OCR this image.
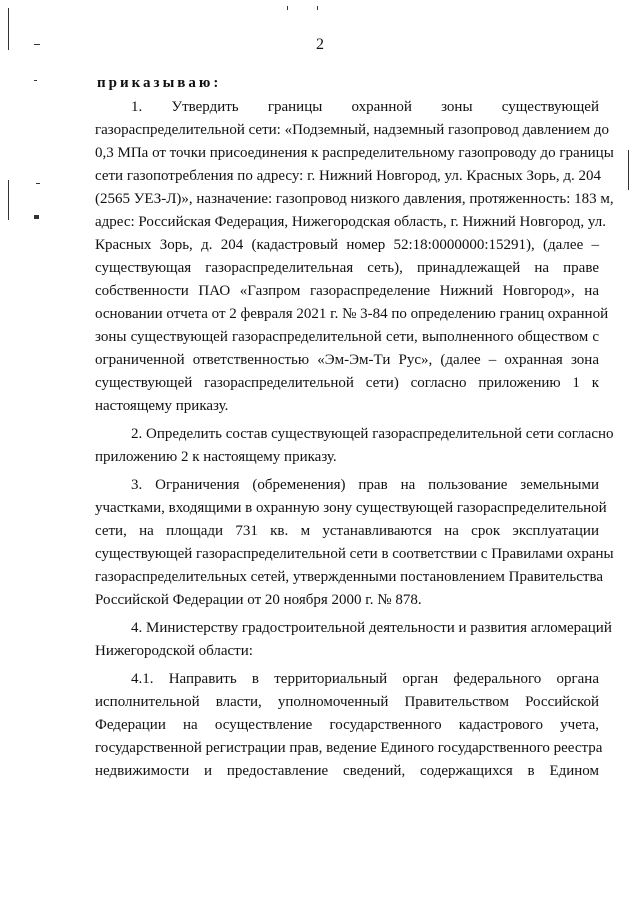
2
приказываю:
1. Утвердить границы охранной зоны существующей
газораспределительной сети: «Подземный, надземный газопровод давлением до
0,3 МПа от точки присоединения к распределительному газопроводу до границы
сети газопотребления по адресу: г. Нижний Новгород, ул. Красных Зорь, д. 204
(2565 УЕЗ-Л)», назначение: газопровод низкого давления, протяженность: 183 м,
адрес: Российская Федерация, Нижегородская область, г. Нижний Новгород, ул.
Красных Зорь, д. 204 (кадастровый номер 52:18:0000000:15291), (далее –
существующая газораспределительная сеть), принадлежащей на праве
собственности ПАО «Газпром газораспределение Нижний Новгород», на
основании отчета от 2 февраля 2021 г. № 3-84 по определению границ охранной
зоны существующей газораспределительной сети, выполненного обществом с
ограниченной ответственностью «Эм-Эм-Ти Рус», (далее – охранная зона
существующей газораспределительной сети) согласно приложению 1 к
настоящему приказу.
2. Определить состав существующей газораспределительной сети согласно
приложению 2 к настоящему приказу.
3. Ограничения (обременения) прав на пользование земельными
участками, входящими в охранную зону существующей газораспределительной
сети, на площади 731 кв. м устанавливаются на срок эксплуатации
существующей газораспределительной сети в соответствии с Правилами охраны
газораспределительных сетей, утвержденными постановлением Правительства
Российской Федерации от 20 ноября 2000 г. № 878.
4. Министерству градостроительной деятельности и развития агломераций
Нижегородской области:
4.1. Направить в территориальный орган федерального органа
исполнительной власти, уполномоченный Правительством Российской
Федерации на осуществление государственного кадастрового учета,
государственной регистрации прав, ведение Единого государственного реестра
недвижимости и предоставление сведений, содержащихся в Едином
